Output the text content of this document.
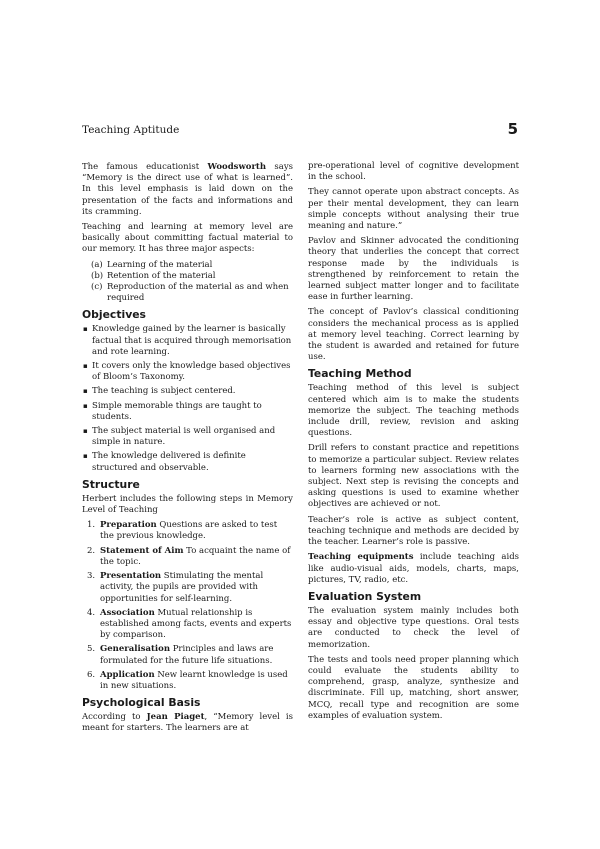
Teaching Aptitude	5

The famous educationist Woodsworth says “Memory is the direct use of what is learned”. In this level emphasis is laid down on the presentation of the facts and informations and its cramming.

Teaching and learning at memory level are basically about committing factual material to our memory. It has three major aspects:

(a) Learning of the material
(b) Retention of the material
(c) Reproduction of the material as and when required
Objectives
▪ Knowledge gained by the learner is basically factual that is acquired through memorisation and rote learning.
▪ It covers only the knowledge based objectives of Bloom’s Taxonomy.
▪ The teaching is subject centered.
▪ Simple memorable things are taught to students.
▪ The subject material is well organised and simple in nature.
▪ The knowledge delivered is definite structured and observable.
Structure

Herbert includes the following steps in Memory Level of Teaching

1. Preparation Questions are asked to test the previous knowledge.
2. Statement of Aim To acquaint the name of the topic.
3. Presentation Stimulating the mental activity, the pupils are provided with opportunities for self-learning.
4. Association Mutual relationship is established among facts, events and experts by comparison.
5. Generalisation Principles and laws are formulated for the future life situations.
6. Application New learnt knowledge is used in new situations.
Psychological Basis

According to Jean Piaget, “Memory level is meant for starters. The learners are at

pre-operational level of cognitive development in the school.

They cannot operate upon abstract concepts. As per their mental development, they can learn simple concepts without analysing their true meaning and nature.”

Pavlov and Skinner advocated the conditioning theory that underlies the concept that correct response made by the individuals is strengthened by reinforcement to retain the learned subject matter longer and to facilitate ease in further learning.

The concept of Pavlov’s classical conditioning considers the mechanical process as is applied at memory level teaching. Correct learning by the student is awarded and retained for future use.

Teaching Method

Teaching method of this level is subject centered which aim is to make the students memorize the subject. The teaching methods include drill, review, revision and asking questions.

Drill refers to constant practice and repetitions to memorize a particular subject. Review relates to learners forming new associations with the subject. Next step is revising the concepts and asking questions is used to examine whether objectives are achieved or not.

Teacher’s role is active as subject content, teaching technique and methods are decided by the teacher. Learner’s role is passive.

Teaching equipments include teaching aids like audio-visual aids, models, charts, maps, pictures, TV, radio, etc.

Evaluation System

The evaluation system mainly includes both essay and objective type questions. Oral tests are conducted to check the level of memorization.

The tests and tools need proper planning which could evaluate the students ability to comprehend, grasp, analyze, synthesize and discriminate. Fill up, matching, short answer, MCQ, recall type and recognition are some examples of evaluation system.
